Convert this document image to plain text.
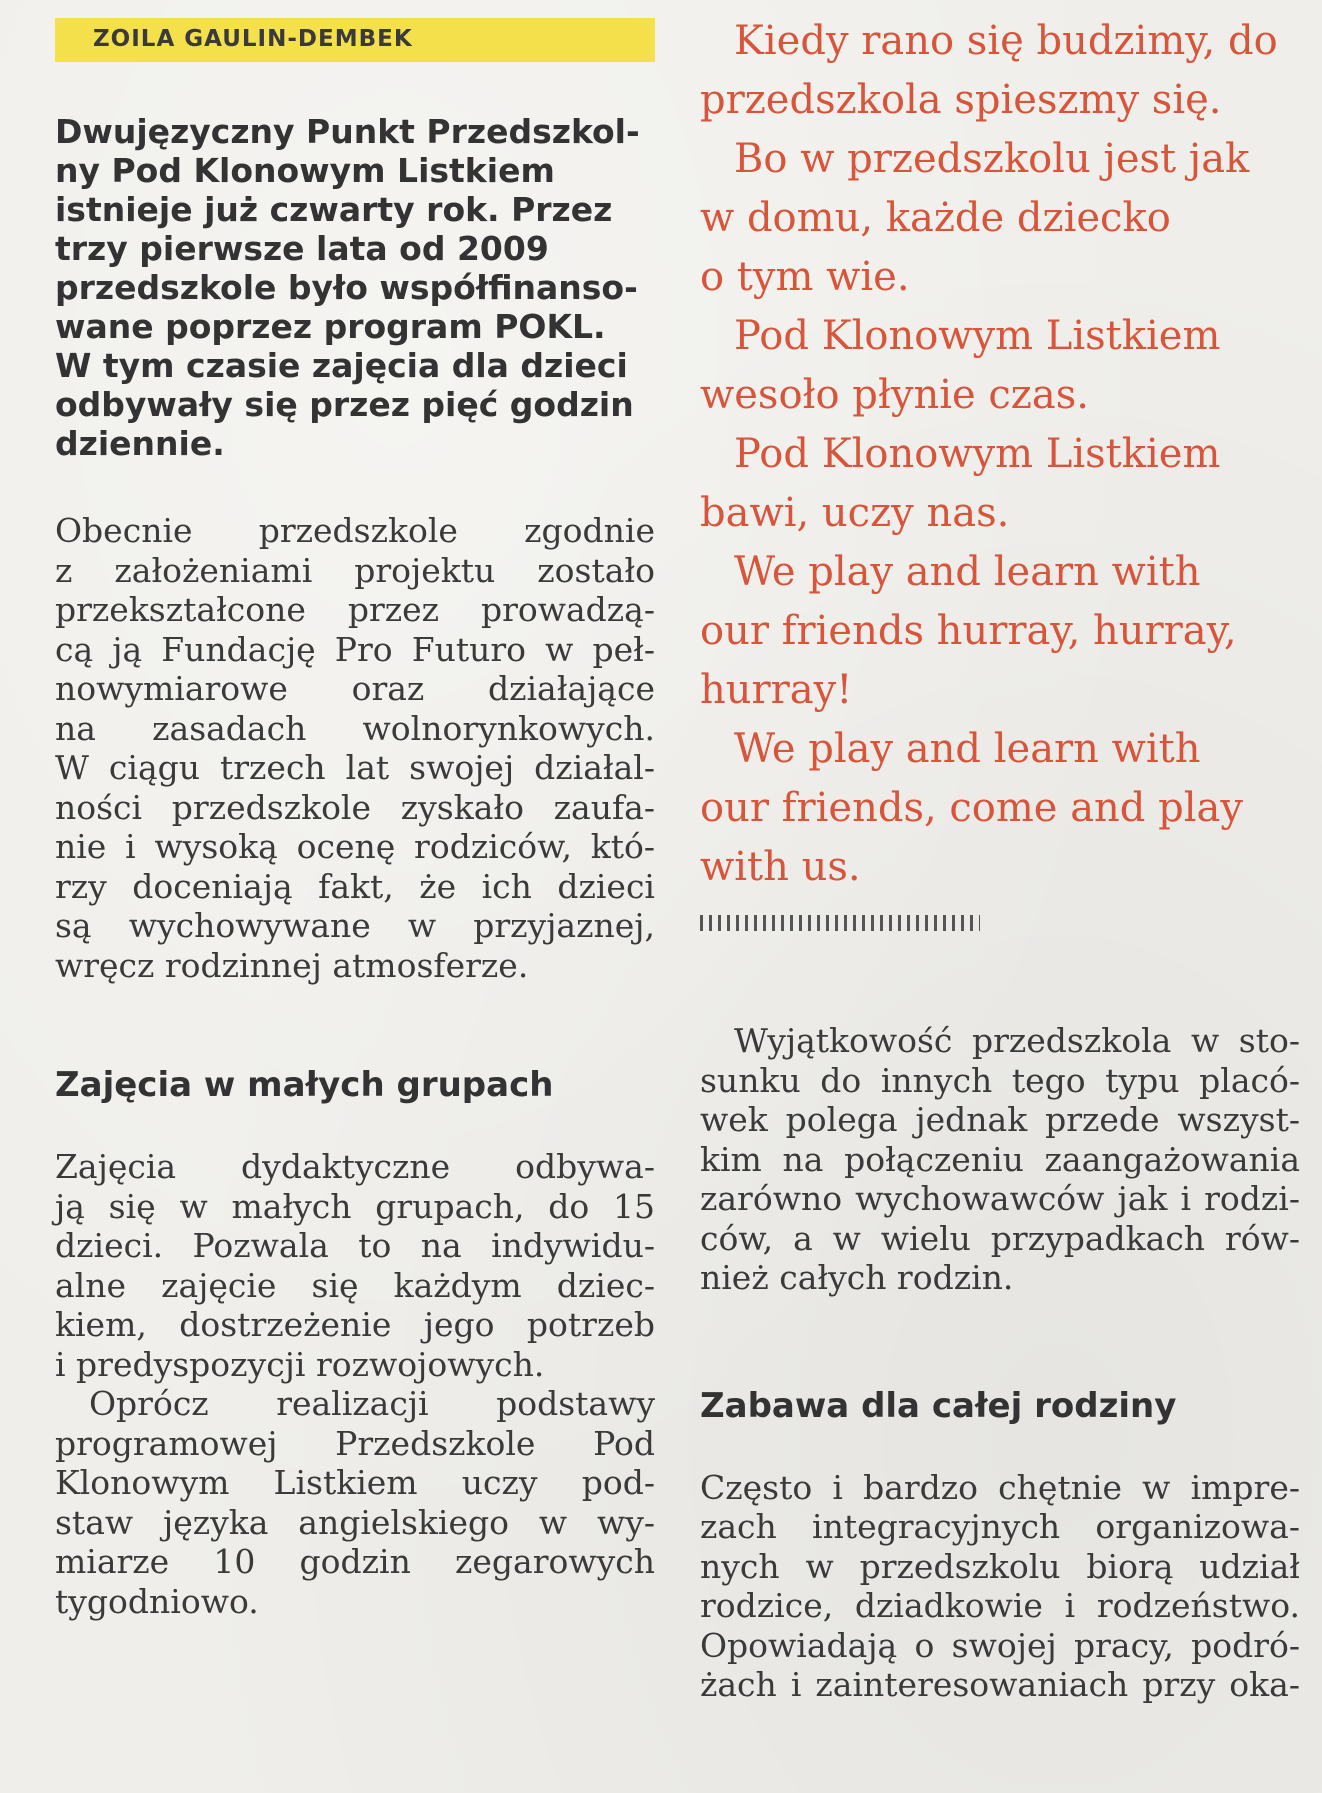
ZOILA GAULIN-DEMBEK
Dwujęzyczny Punkt Przedszkol-
ny Pod Klonowym Listkiem
istnieje już czwarty rok. Przez
trzy pierwsze lata od 2009
przedszkole było współfinanso-
wane poprzez program POKL.
W tym czasie zajęcia dla dzieci
odbywały się przez pięć godzin
dziennie.
Obecnie przedszkole zgodnie
z założeniami projektu zostało
przekształcone przez prowadzą-
cą ją Fundację Pro Futuro w peł-
nowymiarowe oraz działające
na zasadach wolnorynkowych.
W ciągu trzech lat swojej działal-
ności przedszkole zyskało zaufa-
nie i wysoką ocenę rodziców, któ-
rzy doceniają fakt, że ich dzieci
są wychowywane w przyjaznej,
wręcz rodzinnej atmosferze.
Zajęcia w małych grupach
Zajęcia dydaktyczne odbywa-
ją się w małych grupach, do 15
dzieci. Pozwala to na indywidu-
alne zajęcie się każdym dziec-
kiem, dostrzeżenie jego potrzeb
i predyspozycji rozwojowych.
Oprócz realizacji podstawy
programowej Przedszkole Pod
Klonowym Listkiem uczy pod-
staw języka angielskiego w wy-
miarze 10 godzin zegarowych
tygodniowo.
Kiedy rano się budzimy, do
przedszkola spieszmy się.
Bo w przedszkolu jest jak
w domu, każde dziecko
o tym wie.
Pod Klonowym Listkiem
wesoło płynie czas.
Pod Klonowym Listkiem
bawi, uczy nas.
We play and learn with
our friends hurray, hurray,
hurray!
We play and learn with
our friends, come and play
with us.
Wyjątkowość przedszkola w sto-
sunku do innych tego typu placó-
wek polega jednak przede wszyst-
kim na połączeniu zaangażowania
zarówno wychowawców jak i rodzi-
ców, a w wielu przypadkach rów-
nież całych rodzin.
Zabawa dla całej rodziny
Często i bardzo chętnie w impre-
zach integracyjnych organizowa-
nych w przedszkolu biorą udział
rodzice, dziadkowie i rodzeństwo.
Opowiadają o swojej pracy, podró-
żach i zainteresowaniach przy oka-
